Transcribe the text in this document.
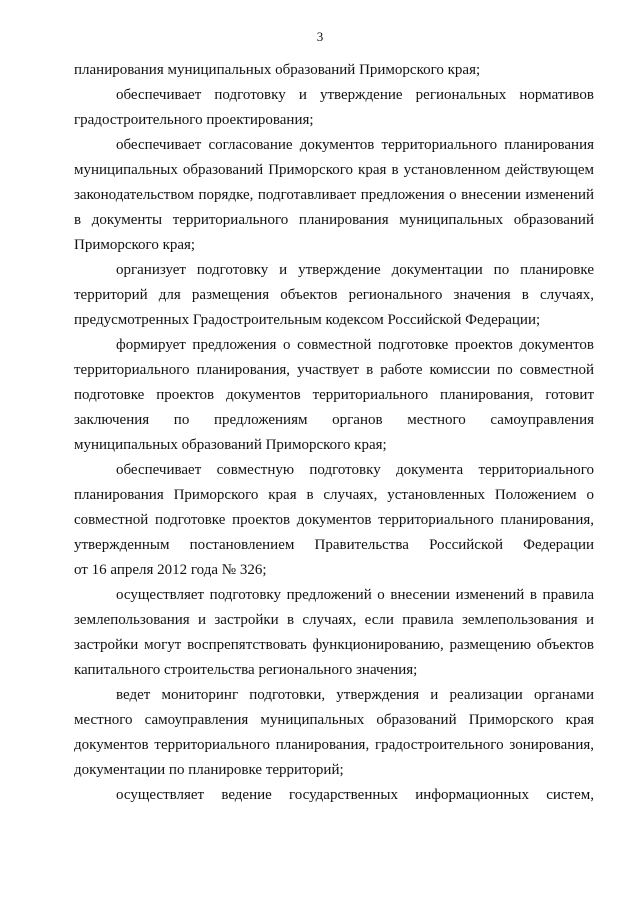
3

планирования муниципальных образований Приморского края;

обеспечивает подготовку и утверждение региональных нормативов
градостроительного проектирования;

обеспечивает согласование документов территориального планирования
муниципальных образований Приморского края в установленном действующем
законодательством порядке, подготавливает предложения о внесении изменений
в документы территориального планирования муниципальных образований
Приморского края;

организует подготовку и утверждение документации по планировке
территорий для размещения объектов регионального значения в случаях,
предусмотренных Градостроительным кодексом Российской Федерации;

формирует предложения о совместной подготовке проектов документов
территориального планирования, участвует в работе комиссии по совместной
подготовке проектов документов территориального планирования, готовит
заключения по предложениям органов местного самоуправления
муниципальных образований Приморского края;

обеспечивает совместную подготовку документа территориального
планирования Приморского края в случаях, установленных Положением о
совместной подготовке проектов документов территориального планирования,
утвержденным постановлением Правительства Российской Федерации
от 16 апреля 2012 года № 326;

осуществляет подготовку предложений о внесении изменений в правила
землепользования и застройки в случаях, если правила землепользования и
застройки могут воспрепятствовать функционированию, размещению объектов
капитального строительства регионального значения;

ведет мониторинг подготовки, утверждения и реализации органами
местного самоуправления муниципальных образований Приморского края
документов территориального планирования, градостроительного зонирования,
документации по планировке территорий;

осуществляет ведение государственных информационных систем,
